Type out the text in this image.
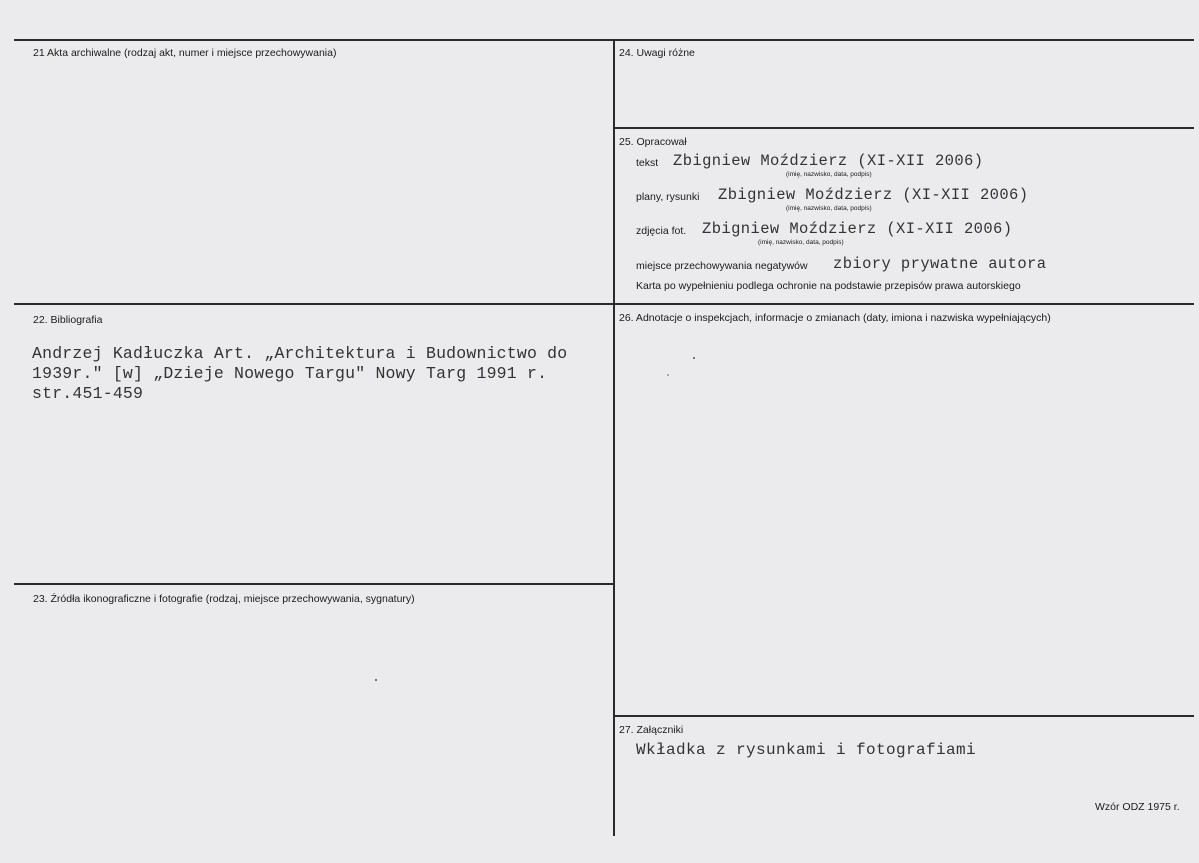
21 Akta archiwalne (rodzaj akt, numer i miejsce przechowywania)
22. Bibliografia
Andrzej Kadłuczka Art. „Architektura i Budownictwo do
1939r." [w] „Dzieje Nowego Targu" Nowy Targ 1991 r.
str.451-459
23. Źródła ikonograficzne i fotografie (rodzaj, miejsce przechowywania, sygnatury)
24. Uwagi różne
25. Opracował
tekst Zbigniew Moździerz (XI-XII 2006)
(imię, nazwisko, data, podpis)
plany, rysunki Zbigniew Moździerz (XI-XII 2006)
(imię, nazwisko, data, podpis)
zdjęcia fot. Zbigniew Moździerz (XI-XII 2006)
(imię, nazwisko, data, podpis)
miejsce przechowywania negatywów zbiory prywatne autora
Karta po wypełnieniu podlega ochronie na podstawie przepisów prawa autorskiego
26. Adnotacje o inspekcjach, informacje o zmianach (daty, imiona i nazwiska wypełniających)
27. Załączniki
Wkładka z rysunkami i fotografiami
Wzór ODZ 1975 r.
